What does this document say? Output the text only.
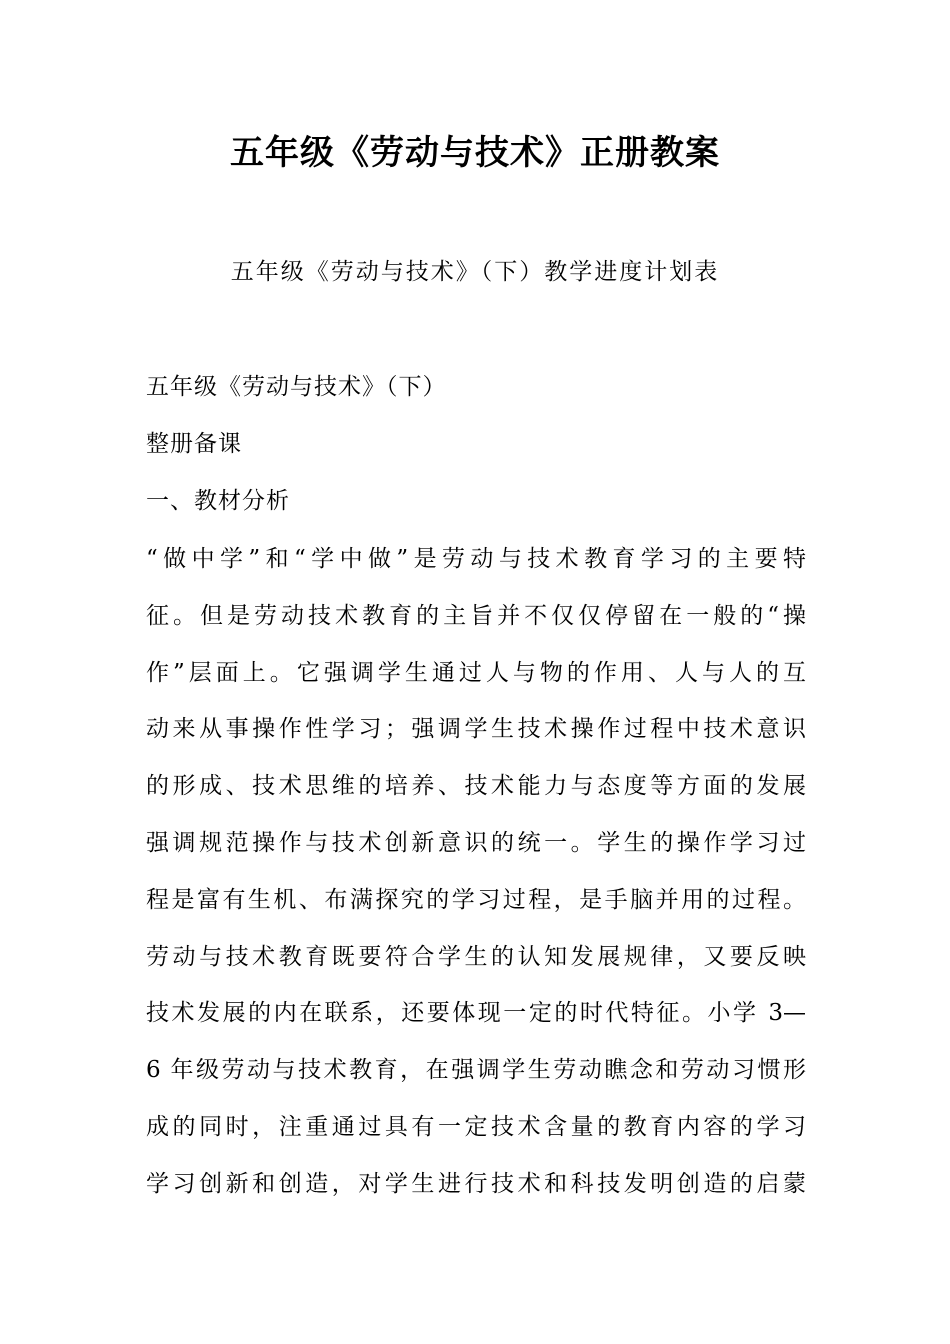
五年级《劳动与技术》正册教案
五年级《劳动与技术》（下）教学进度计划表
五年级《劳动与技术》（下）
整册备课
一、教材分析
“做中学”和“学中做”是劳动与技术教育学习的主要特
征。但是劳动技术教育的主旨并不仅仅停留在一般的“操
作”层面上。它强调学生通过人与物的作用、人与人的互
动来从事操作性学习；强调学生技术操作过程中技术意识
的形成、技术思维的培养、技术能力与态度等方面的发展
强调规范操作与技术创新意识的统一。学生的操作学习过
程是富有生机、布满探究的学习过程，是手脑并用的过程。
劳动与技术教育既要符合学生的认知发展规律，又要反映
技术发展的内在联系，还要体现一定的时代特征。小学 3—
6 年级劳动与技术教育，在强调学生劳动瞧念和劳动习惯形
成的同时，注重通过具有一定技术含量的教育内容的学习
学习创新和创造，对学生进行技术和科技发明创造的启蒙
